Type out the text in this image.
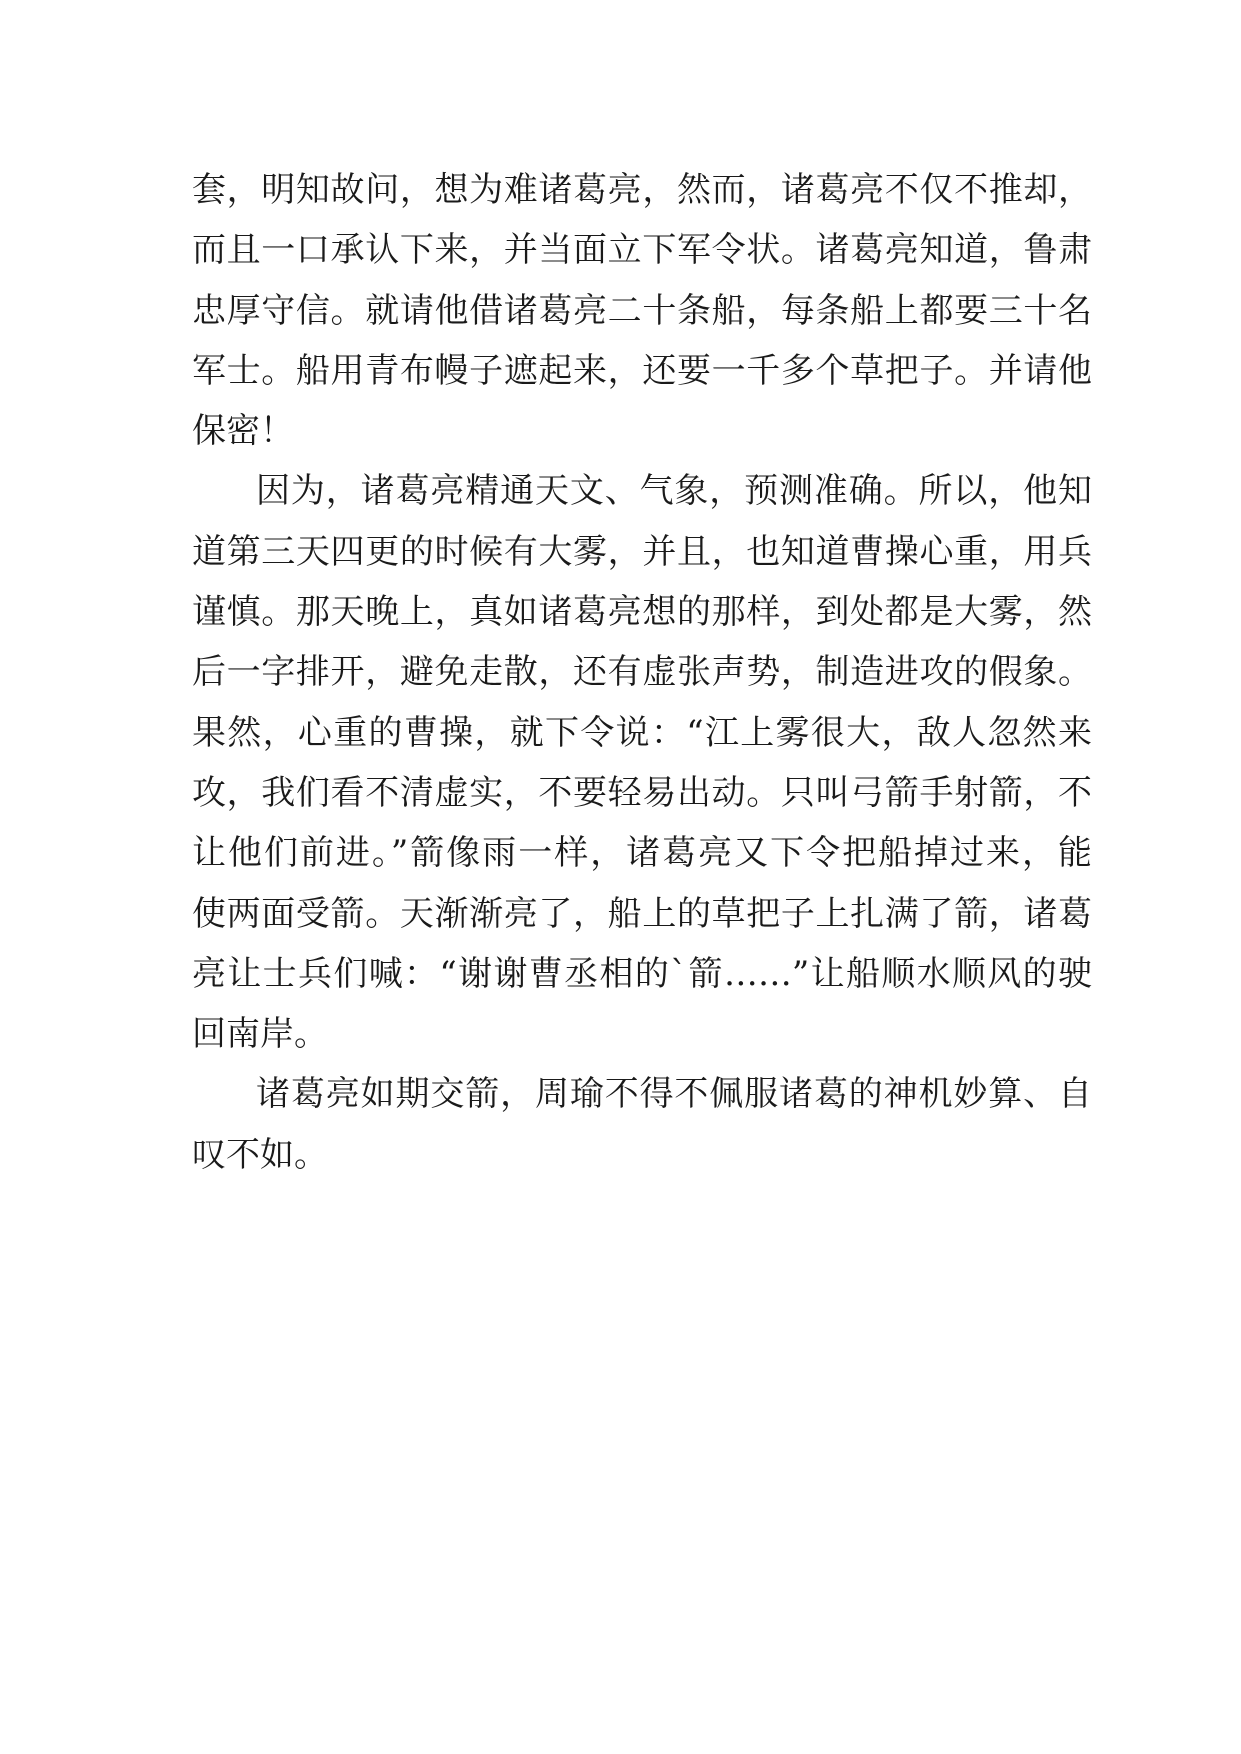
套，明知故问，想为难诸葛亮，然而，诸葛亮不仅不推却，
而且一口承认下来，并当面立下军令状。诸葛亮知道，鲁肃
忠厚守信。就请他借诸葛亮二十条船，每条船上都要三十名
军士。船用青布幔子遮起来，还要一千多个草把子。并请他
保密！
因为，诸葛亮精通天文、气象，预测准确。所以，他知
道第三天四更的时候有大雾，并且，也知道曹操心重，用兵
谨慎。那天晚上，真如诸葛亮想的那样，到处都是大雾，然
后一字排开，避免走散，还有虚张声势，制造进攻的假象。
果然，心重的曹操，就下令说：“江上雾很大，敌人忽然来
攻，我们看不清虚实，不要轻易出动。只叫弓箭手射箭，不
让他们前进。”箭像雨一样，诸葛亮又下令把船掉过来，能
使两面受箭。天渐渐亮了，船上的草把子上扎满了箭，诸葛
亮让士兵们喊：“谢谢曹丞相的`箭……”让船顺水顺风的驶
回南岸。
诸葛亮如期交箭，周瑜不得不佩服诸葛的神机妙算、自
叹不如。
